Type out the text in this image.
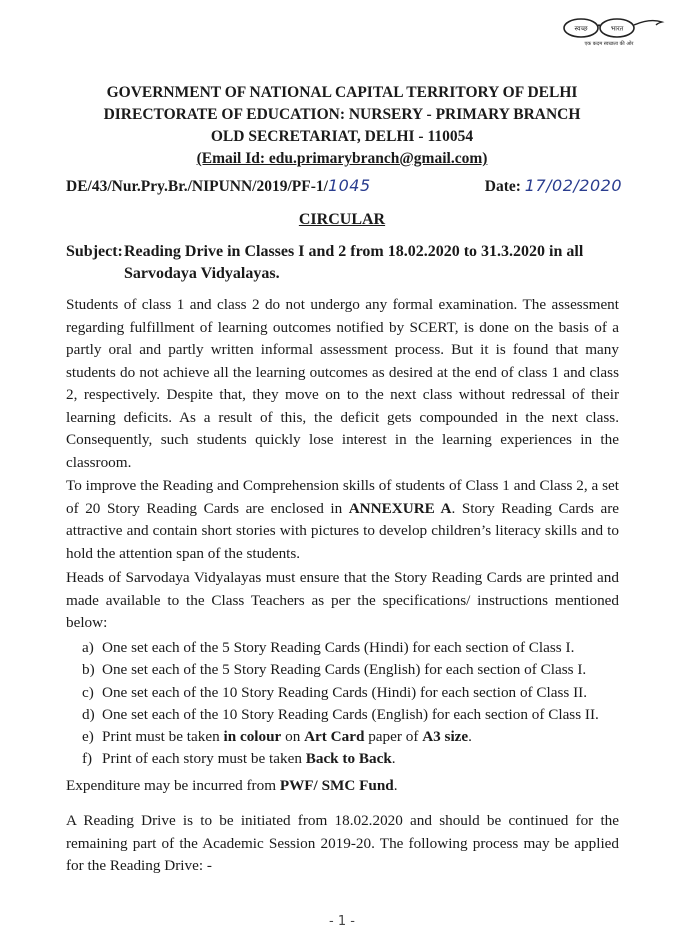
स्वच्छ	भारत
एक कदम स्वच्छता की ओर
GOVERNMENT OF NATIONAL CAPITAL TERRITORY OF DELHI
DIRECTORATE OF EDUCATION: NURSERY - PRIMARY BRANCH
OLD SECRETARIAT, DELHI - 110054
(Email Id: edu.primarybranch@gmail.com)
DE/43/Nur.Pry.Br./NIPUNN/2019/PF-1/1045	Date: 17/02/2020
CIRCULAR
Subject:Reading Drive in Classes I and 2 from 18.02.2020 to 31.3.2020 in all
Sarvodaya Vidyalayas.
Students of class 1 and class 2 do not undergo any formal examination. The assessment regarding fulfillment of learning outcomes notified by SCERT, is done on the basis of a partly oral and partly written informal assessment process. But it is found that many students do not achieve all the learning outcomes as desired at the end of class 1 and class 2, respectively. Despite that, they move on to the next class without redressal of their learning deficits. As a result of this, the deficit gets compounded in the next class. Consequently, such students quickly lose interest in the learning experiences in the classroom.
To improve the Reading and Comprehension skills of students of Class 1 and Class 2, a set of 20 Story Reading Cards are enclosed in ANNEXURE A. Story Reading Cards are attractive and contain short stories with pictures to develop children’s literacy skills and to hold the attention span of the students.
Heads of Sarvodaya Vidyalayas must ensure that the Story Reading Cards are printed and made available to the Class Teachers as per the specifications/ instructions mentioned below:
a) One set each of the 5 Story Reading Cards (Hindi) for each section of Class I.
b) One set each of the 5 Story Reading Cards (English) for each section of Class I.
c) One set each of the 10 Story Reading Cards (Hindi) for each section of Class II.
d) One set each of the 10 Story Reading Cards (English) for each section of Class II.
e) Print must be taken in colour on Art Card paper of A3 size.
f) Print of each story must be taken Back to Back.
Expenditure may be incurred from PWF/ SMC Fund.
A Reading Drive is to be initiated from 18.02.2020 and should be continued for the remaining part of the Academic Session 2019-20. The following process may be applied for the Reading Drive: -
- 1 -
